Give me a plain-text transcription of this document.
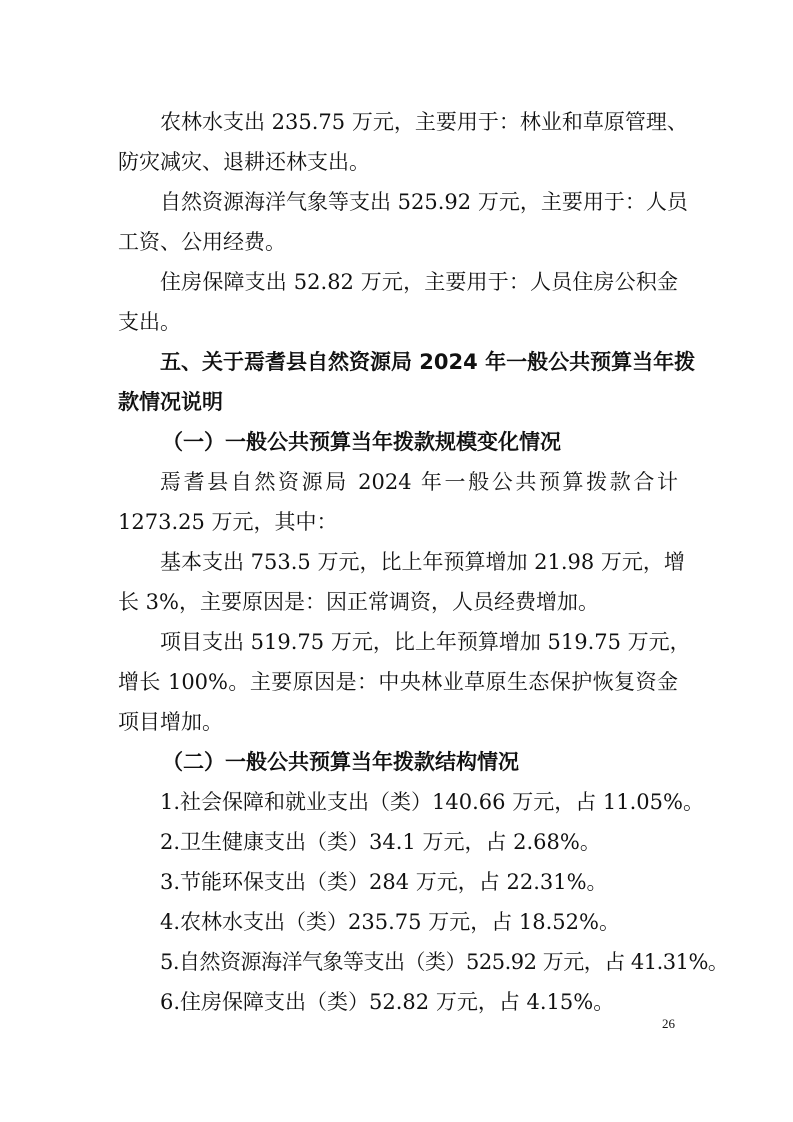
农林水支出 235.75 万元，主要用于：林业和草原管理、
防灾减灾、退耕还林支出。
自然资源海洋气象等支出 525.92 万元，主要用于：人员
工资、公用经费。
住房保障支出 52.82 万元，主要用于：人员住房公积金
支出。
五、关于焉耆县自然资源局 2024 年一般公共预算当年拨
款情况说明
（一）一般公共预算当年拨款规模变化情况
焉耆县自然资源局 2024 年一般公共预算拨款合计
1273.25 万元，其中：
基本支出 753.5 万元，比上年预算增加 21.98 万元，增
长 3%，主要原因是：因正常调资，人员经费增加。
项目支出 519.75 万元，比上年预算增加 519.75 万元，
增长 100%。主要原因是：中央林业草原生态保护恢复资金
项目增加。
（二）一般公共预算当年拨款结构情况
1.社会保障和就业支出（类）140.66 万元，占 11.05%。
2.卫生健康支出（类）34.1 万元，占 2.68%。
3.节能环保支出（类）284 万元，占 22.31%。
4.农林水支出（类）235.75 万元，占 18.52%。
5.自然资源海洋气象等支出（类）525.92 万元，占 41.31%。
6.住房保障支出（类）52.82 万元，占 4.15%。
26
